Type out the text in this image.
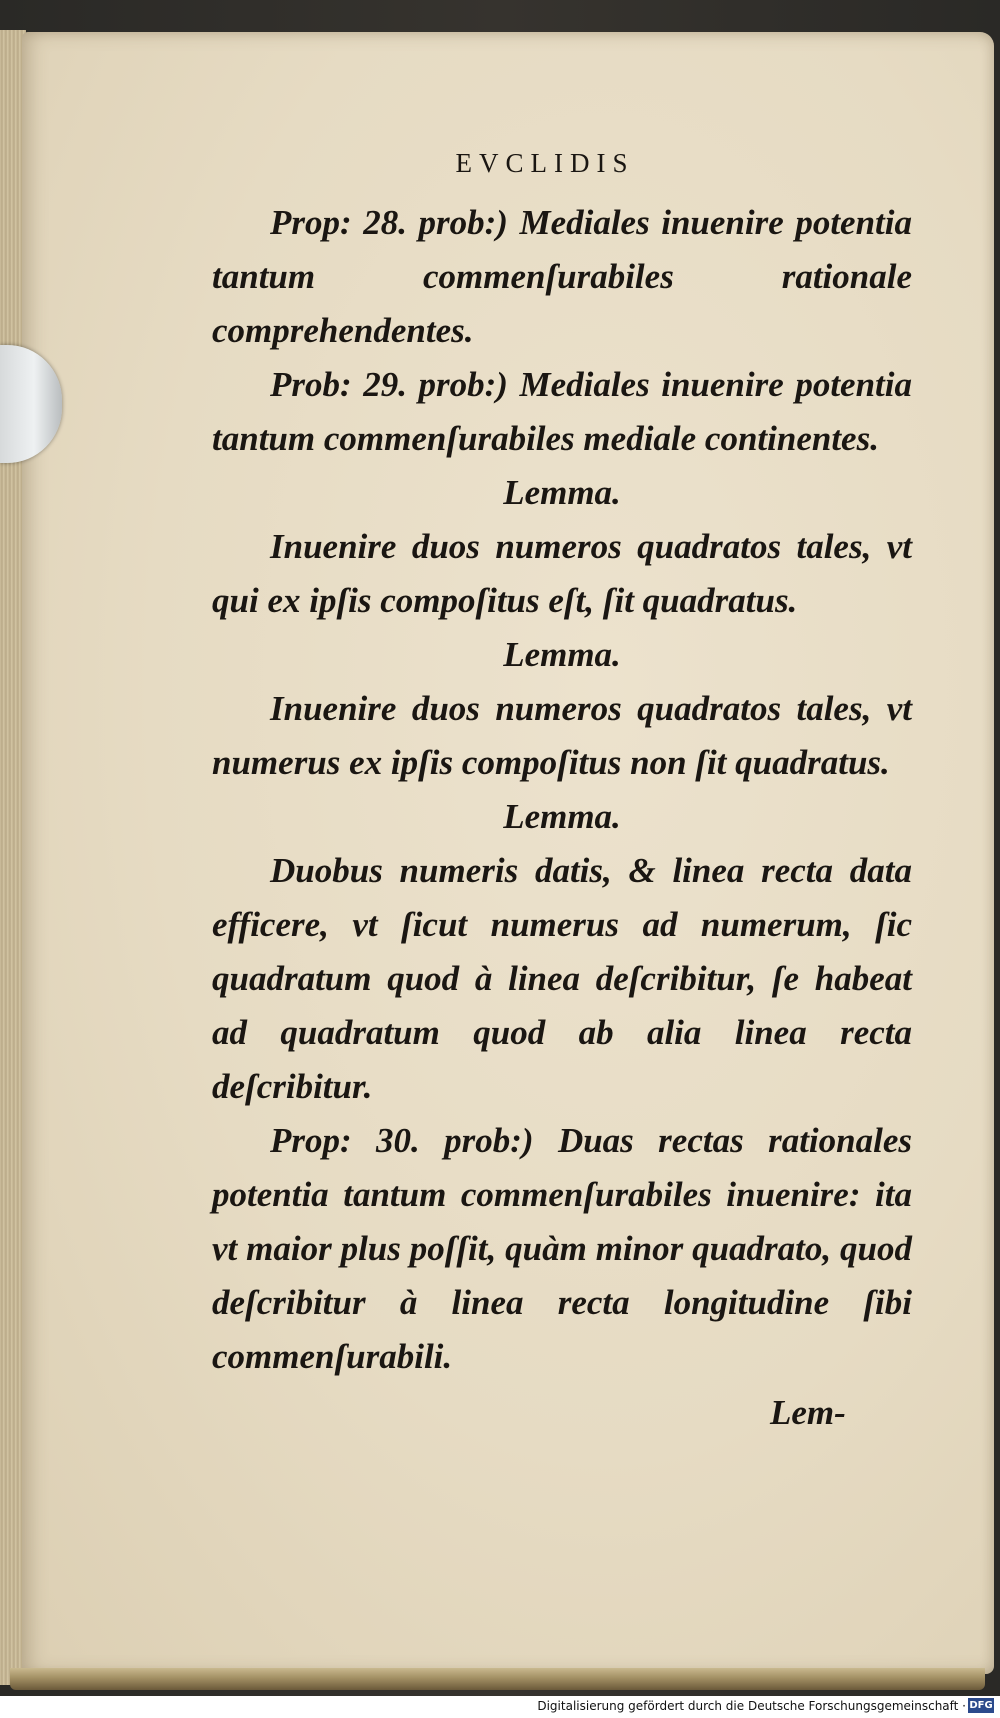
EVCLIDIS

Prop: 28. prob:) Mediales inuenire potentia tantum commenſurabiles rationale comprehendentes.

Prob: 29. prob:) Mediales inuenire potentia tantum commenſurabiles mediale continentes.

Lemma.

Inuenire duos numeros quadratos tales, vt qui ex ipſis compoſitus eſt, ſit quadratus.

Lemma.

Inuenire duos numeros quadratos tales, vt numerus ex ipſis compoſitus non ſit quadratus.

Lemma.

Duobus numeris datis, & linea recta data efficere, vt ſicut numerus ad numerum, ſic quadratum quod à linea deſcribitur, ſe habeat ad quadratum quod ab alia linea recta deſcribitur.

Prop: 30. prob:) Duas rectas rationales potentia tantum commenſurabiles inuenire: ita vt maior plus poſſit, quàm minor quadrato, quod deſcribitur à linea recta longitudine ſibi commenſurabili.

Lem-
Digitalisierung gefördert durch die Deutsche Forschungsgemeinschaft · DFG
